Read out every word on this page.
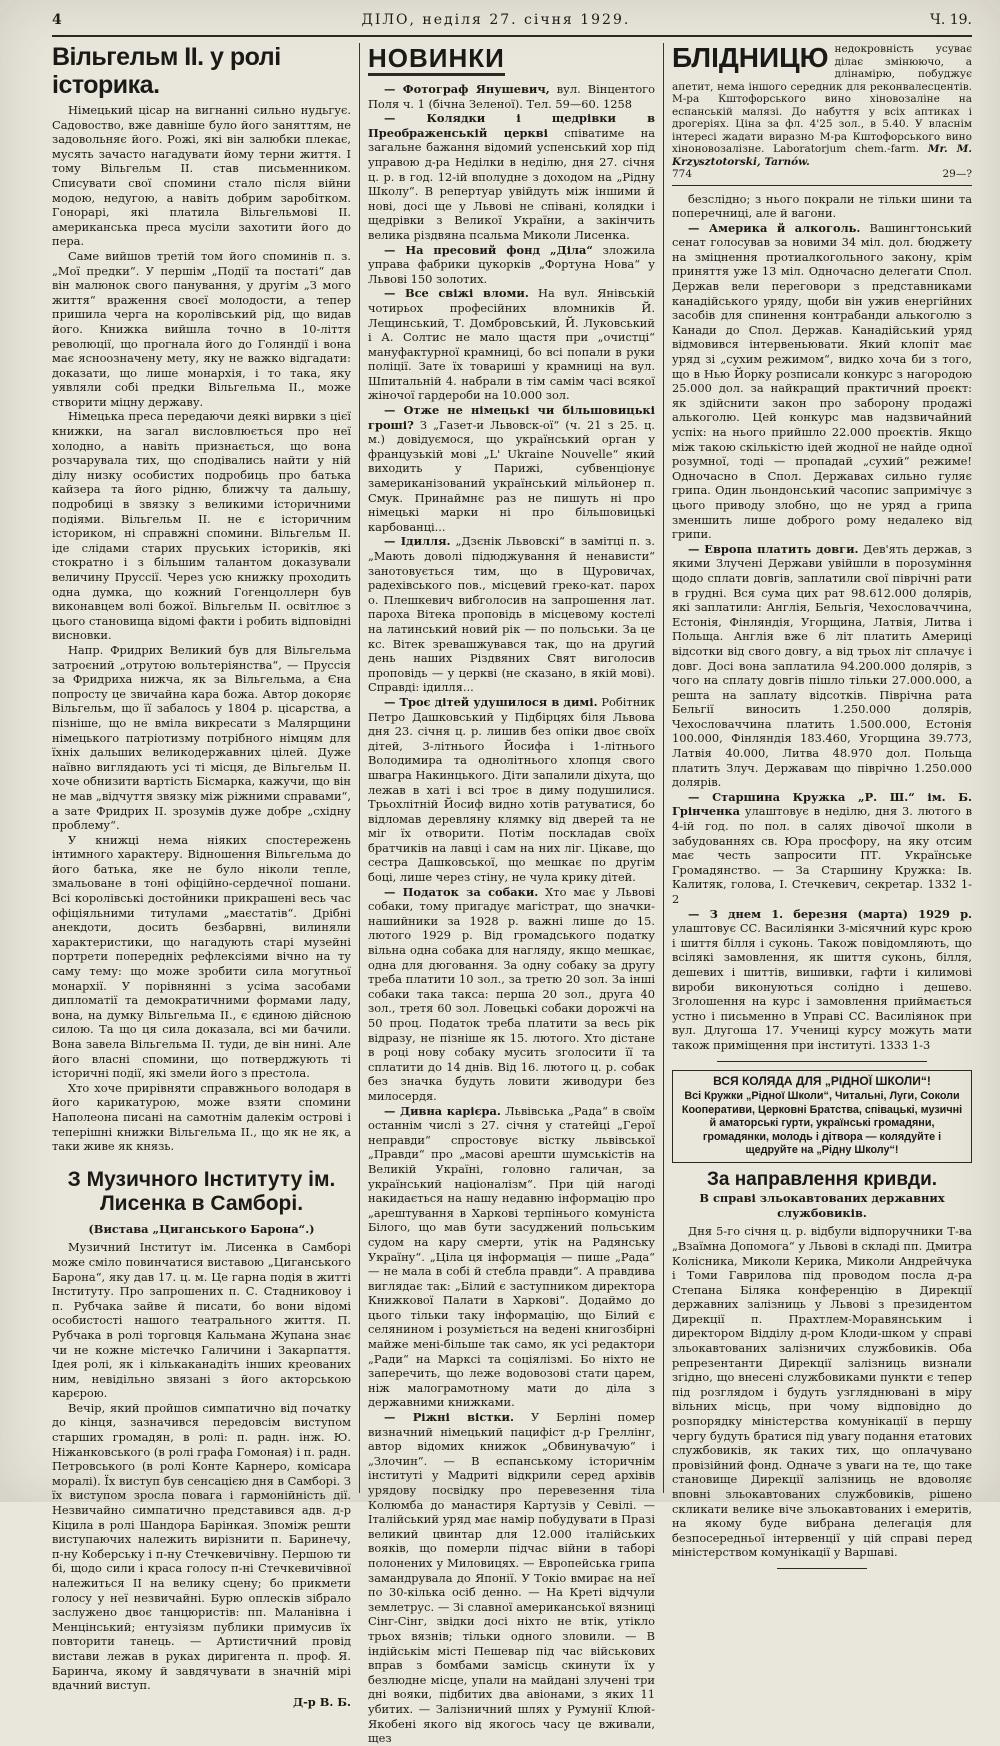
4	ДІЛО, неділя 27. січня 1929.	Ч. 19.
Вільгельм II. у ролі історика.

Німецький цісар на вигнанні сильно нудьгує. Садовоство, вже давніше було його заняттям, не задовольняє його. Рожі, які він залюбки плекає, мусять зачасто нагадувати йому терни життя. І тому Вільгельм II. став письменником. Списувати свої спомини стало після війни модою, недугою, а навіть добрим заробітком. Гонорарі, які платила Вільгельмові II. американська преса мусіли захотити його до пера.

Саме вийшов третій том його споминів п. з. „Мої предки“. У першім „Події та постаті“ дав він малюнок свого панування, у другім „З мого життя“ враження своєї молодости, а тепер пришила черга на королівський рід, що видав його. Книжка вийшла точно в 10-ліття революції, що прогнала його до Голяндії і вона має ясноозначену мету, яку не важко відгадати: доказати, що лише монархія, і то така, яку уявляли собі предки Вільгельма II., може створити міцну державу.

Німецька преса передаючи деякі вирвки з цієї книжки, на загал висловлюється про неї холодно, а навіть признається, що вона розчарувала тих, що сподівались найти у ній ділу низку особистих подробиць про батька кайзера та його рідню, ближчу та дальшу, подробиці в звязку з великими історичними подіями. Вільгельм II. не є історичним істориком, ні справжні спомини. Вільгельм II. іде слідами старих пруських істориків, які стократно і з більшим талантом доказували величину Пруссії. Через усю книжку проходить одна думка, що кожний Гогенцоллерн був виконавцем волі божої. Вільгельм II. освітлює з цього становища відомі факти і робить відповідні висновки.

Напр. Фридрих Великий був для Вільгельма затроєний „отрутою вольтеріянства“, — Пруссія за Фридриха нижча, як за Вільгельма, а Єна попросту це звичайна кара божа. Автор докоряє Вільгельм, що її забалось у 1804 р. цісарства, а пізніше, що не вміла викресати з Малярщини німецького патріотизму потрібного німцям для їхніх дальших великодержавних цілей. Дуже наївно виглядають усі ті місця, де Вільгельм II. хоче обнизити вартість Бісмарка, кажучи, що він не мав „відчуття звязку між ріжними справами“, а зате Фридрих II. зрозумів дуже добре „східну проблему“.

У книжці нема ніяких спостережень інтимного характеру. Відношення Вільгельма до його батька, яке не було ніколи тепле, змальоване в тоні офіційно-сердечної пошани. Всі королівські достойники прикрашені весь час офіціяльними титулами „маєстатів“. Дрібні анекдоти, досить безбарвні, вилиняли характеристики, що нагадують старі музейні портрети попередніх рефлексіями вічно на ту саму тему: що може зробити сила могутньої монархії. У порівнянні з усіма засобами дипломатії та демократичними формами ладу, вона, на думку Вільгельма II., є єдиною дійсною силою. Та що ця сила доказала, всі ми бачили. Вона завела Вільгельма II. туди, де він нині. Але його власні спомини, що потверджують ті історичні події, які змели його з престола.

Хто хоче прирівняти справжнього володаря в його карикатурою, може взяти спомини Наполеона писані на самотнім далекім острові і теперішні книжки Вільгельма II., що як не як, а таки живе як князь.

З Музичного Інституту ім. Лисенка в Самборі.
(Вистава „Циганського Барона“.)

Музичний Інститут ім. Лисенка в Самборі може сміло повинчатися виставою „Циганського Барона“, яку дав 17. ц. м. Це гарна подія в житті Інституту. Про запрошених п. С. Стадниковоу і п. Рубчака зайве й писати, бо вони відомі особистості нашого театрального життя. П. Рубчака в ролі торговця Кальмана Жупана знає чи не кожне містечко Галичини і Закарпаття. Ідея ролі, як і кількаканадіть інших креованих ним, невідільно звязані з його акторською карєрою.

Вечір, який пройшов симпатично від початку до кінця, зазначився передовсім виступом старших громадян, в ролі: п. радн. інж. Ю. Ніжанковського (в ролі графа Гомоная) і п. радн. Петровського (в ролі Конте Карнеро, комісара моралі). Їх виступ був сенсацією дня в Самборі. З їх виступом зросла повага і гармонійність дії. Незвичайно симпатично представився адв. д-р Кіцила в ролі Шандора Барінкая. Зпоміж решти виступаючих належить вирізнити п. Баринечу, п-ну Коберську і п-ну Стечкевичівну. Першою ти бі, щодо сили і краса голосу п-ні Стечкевичівної належиться II на велику сцену; бо прикмети голосу у неї незвичайні. Бурю оплесків зібрало заслужено двоє танцюристів: пп. Маланівна і Менцінський; ентузіязм публики примусив їх повторити танець. — Артистичний провід вистави лежав в руках диригента п. проф. Я. Баринча, якому й завдячувати в значній мірі вдачний виступ.

Д-р В. Б.
НОВИНКИ

— Фотограф Янушевич, вул. Вінцентого Поля ч. 1 (бічна Зеленої). Тел. 59—60. 1258

— Колядки і щедрівки в Преображенській церкві співатиме на загальне бажання відомий успенський хор під управою д-ра Неділки в неділю, дня 27. січня ц. р. в год. 12-ій вполудне з доходом на „Рідну Школу“. В репертуар увійдуть між іншими й нові, досі ще у Львові не співані, колядки і щедрівки з Великої України, а закінчить велика різдвяна псальма Миколи Лисенка.

— На пресовий фонд „Діла“ зложила управа фабрики цукорків „Фортуна Нова“ у Львові 150 золотих.

— Все свіжі вломи. На вул. Янівській чотирьох професійних вломників Й. Лещинський, Т. Домбровський, Й. Луковський і А. Солтис не мало щастя при „очистці“ мануфактурної крамниці, бо всі попали в руки поліції. Зате їх товариші у крамниці на вул. Шпитальній 4. набрали в тім самім часі всякої жіночої гардероби на 10.000 зол.

— Отже не німецькі чи більшовицькі гроші? З „Газет-и Львовск-ої“ (ч. 21 з 25. ц. м.) довідуємося, що український орган у французькій мові „L' Ukraine Nouvelle“ який виходить у Парижі, субвенціонує замериканізований український мільйонер п. Смук. Принаймнє раз не пишуть ні про німецькі марки ні про більшовицькі карбованці...

— Ідилля. „Дзєнік Львовскі“ в замітці п. з. „Мають доволі підюджування й ненависти“ занотовується тим, що в Щуровичах, радехівського пов., місцевий греко-кат. парох о. Плешкевич вибголосив на запрошення лат. пароха Вітека проповідь в місцевому костелі на латинський новий рік — по польськи. За це кс. Вітек зревашжувався так, що на другий день наших Різдвяних Свят виголосив проповідь — у церкві (не сказано, в якій мові). Справді: ідилля...

— Троє дітей удушилося в димі. Робітник Петро Дашковський у Підбірцях біля Львова дня 23. січня ц. р. лишив без опіки двоє своїх дітей, 3-літнього Йосифа і 1-літнього Володимира та однолітнього хлопця свого швагра Накинцького. Діти запалили діхута, що лежав в хаті і всі троє в диму подушилися. Трьохлітній Йосиф видно хотів ратуватися, бо відломав деревляну клямку від дверей та не міг їх отворити. Потім поскладав своїх братчиків на лавці і сам на них ліг. Цікаве, що сестра Дашковської, що мешкає по другім боці, лише через стіну, не чула крику дітей.

— Податок за собаки. Хто має у Львові собаки, тому пригадує магістрат, що значки-нашийники за 1928 р. важні лише до 15. лютого 1929 р. Від громадського податку вільна одна собака для нагляду, якщо мешкає, одна для дюговання. За одну собаку за другу треба платити 10 зол., за третю 20 зол. За інші собаки така такса: перша 20 зол., друга 40 зол., третя 60 зол. Ловецькі собаки дорожчі на 50 проц. Податок треба платити за весь рік відразу, не пізніше як 15. лютого. Хто дістане в році нову собаку мусить зголосити її та сплатити до 14 днів. Від 16. лютого ц. р. собак без значка будуть ловити живодури без милосердя.

— Дивна карієра. Львівська „Рада“ в своїм останнім числі з 27. січня у статейці „Герої неправди“ спростовує вістку львівської „Правди“ про „масові арешти шумськістів на Великій Україні, головно галичан, за український націоналізм“. При цій нагоді накидається на нашу недавню інформацію про „арештування в Харкові терпінього комуніста Білого, що мав бути засуджений польським судом на кару смерти, утік на Радянську Україну“. „Ціла ця інформація — пише „Рада“ — не мала в собі й стебла правди“. А правдива виглядає так: „Білий є заступником директора Книжкової Палати в Харкові“. Додаймо до цього тільки таку інформацію, що Білий є селянином і розуміється на ведені книгозбірні майже мені-більше так само, як усі редактори „Ради“ на Марксі та соціялізмі. Бо ніхто не заперечить, що леже водовозові стати царем, ніж малограмотному мати до діла з державними книжками.

— Ріжні вістки. У Берліні помер визначний німецький пацифіст д-р Греллінг, автор відомих книжок „Обвинувачую“ і „Злочин“. — В еспанському історичнім інституті у Мадриті відкрили серед архівів урядову посвідку про перевезення тіла Колюмба до манастиря Картузів у Севілі. — Італійський уряд має намір побудувати в Празі великий цвинтар для 12.000 італійських вояків, що померли підчас війни в таборі полонених у Миловицях. — Европейська грипа замандрувала до Японії. У Токіо вмирає на неї по 30-кілька осіб денно. — На Креті відчули землетрус. — Зі славної американської вязниці Сінг-Сінг, звідки досі ніхто не втік, утікло трьох вязнів; тільки одного зловили. — В індійськім місті Пешевар під час військових вправ з бомбами замісць скинути їх у безлюдне місце, упали на майдані злучені три дні вояки, підбитих два авіонами, з яких 11 убитих. — Залізничний шлях у Румунії Клюй-Якобені якого від якогось часу це вживали, щез

БЛІДНИЦЮ недокровність усуває ділає змінюючо, а длінамірю, побуджує апетит, нема іншого середник для реконвалесцентів. М-ра Кштофорського вино хіновозаліне на еспанській малязі. До набуття у всіх аптиках і дрогеріях. Ціна за фл. 4'25 зол., в 5.40. У власнім інтересі жадати виразно М-ра Кштофорського вино хіноновозалізне. Laboratorjum chem.-farm. Mr. M. Krzysztotorski, Tarnów.
774	29—?

безслідно; з нього покрали не тільки шини та поперечниці, але й вагони.

— Америка й алкоголь. Вашингтонський сенат голосував за новими 34 міл. дол. бюджету на зміцнення протиалкогольного закону, крім приняття уже 13 міл. Одночасно делегати Спол. Держав вели переговори з представниками канадійського уряду, щоби він ужив енергійних засобів для спинення контрабанди алькоголю з Канади до Спол. Держав. Канадійський уряд відмовився інтервеньювати. Який клопіт має уряд зі „сухим режимом“, видко хоча би з того, що в Нью Йорку розписали конкурс з нагородою 25.000 дол. за найкращий практичний проєкт: як здійснити закон про заборону продажі алькоголю. Цей конкурс мав надзвичайний успіх: на нього прийшло 22.000 проєктів. Якщо між такою скількістю ідей жодної не найде одної розумної, тоді — пропадай „сухий“ режиме! Одночасно в Спол. Державах сильно гуляє грипа. Один льондонський часопис запримічує з цього приводу злобно, що не уряд а грипа зменшить лише доброго рому недалеко від грипи.

— Европа платить довги. Дев'ять держав, з якими Злучені Держави увійшли в порозуміння щодо сплати довгів, заплатили свої піврічні рати в грудні. Вся сума цих рат 98.612.000 долярів, які заплатили: Англія, Бельгія, Чехословаччина, Естонія, Фінляндія, Угорщина, Латвія, Литва і Польща. Англія вже 6 літ платить Америці відсотки від свого довгу, а від трьох літ сплачує і довг. Досі вона заплатила 94.200.000 долярів, з чого на сплату довгів пішло тільки 27.000.000, а решта на заплату відсотків. Піврічна рата Бельгії виносить 1.250.000 долярів, Чехословаччина платить 1.500.000, Естонія 100.000, Фінляндія 183.460, Угорщина 39.773, Латвія 40.000, Литва 48.970 дол. Польща платить Злуч. Державам що піврічно 1.250.000 долярів.

— Старшина Кружка „Р. Ш.“ ім. Б. Грінченка улаштовує в неділю, дня 3. лютого в 4-ій год. по пол. в салях дівочої школи в забудованнях св. Юра просфору, на яку отсим має честь запросити ПТ. Українське Громадянство. — За Старшину Кружка: Ів. Калитяк, голова, І. Стечкевич, секретар. 1332 1-2

— З днем 1. березня (марта) 1929 р. улаштовує СС. Василіянки 3-місячний курс крою і шиття білля і суконь. Також повідомляють, що всілякі замовлення, як шиття суконь, білля, дешевих і шиттів, вишивки, гафти і килимові вироби виконуються солідно і дешево. Зголошення на курс і замовлення приймається устно і письменно в Управі СС. Василіянок при вул. Длугоша 17. Учениці курсу можуть мати також приміщення при інституті. 1333 1-3

ВСЯ КОЛЯДА ДЛЯ „РІДНОЇ ШКОЛИ“!
Всі Кружки „Рідної Школи“, Читальні, Луги, Соколи Кооперативи, Церковні Братства, співацькі, музичні й аматорські гурти, українські громадяни, громадянки, молодь і дітвора — колядуйте і щедруйте на „Рідну Школу“!
За направлення кривди.
В справі зльокавтованих державних службовиків.

Дня 5-го січня ц. р. відбули відпоручники Т-ва „Взаїмна Допомога“ у Львові в складі пп. Дмитра Колісника, Миколи Керика, Миколи Андрейчука і Томи Гаврилова під проводом посла д-ра Степана Біляка конференцію в Дирекції державних залізниць у Львові з президентом Дирекції п. Прахтлем-Моравянським і директором Відділу д-ром Клоди-шком у справі зльокавтованих залізничих службовиків. Оба репрезентанти Дирекції залізниць визнали згідно, що внесені службовиками пункти є тепер під розглядом і будуть узгляднювані в міру вільних місць, при чому відповідно до розпорядку міністерства комунікації в першу чергу будуть братися під увагу подання етатових службовиків, як таких тих, що оплачувано провізійний фонд. Одначе з уваги на те, що таке становище Дирекції залізниць не вдоволяє вповні зльокавтованих службовиків, рішено скликати велике віче зльокавтованих і емеритів, на якому буде вибрана делегація для безпосередньої інтервенції у цій справі перед міністерством комунікації у Варшаві.
